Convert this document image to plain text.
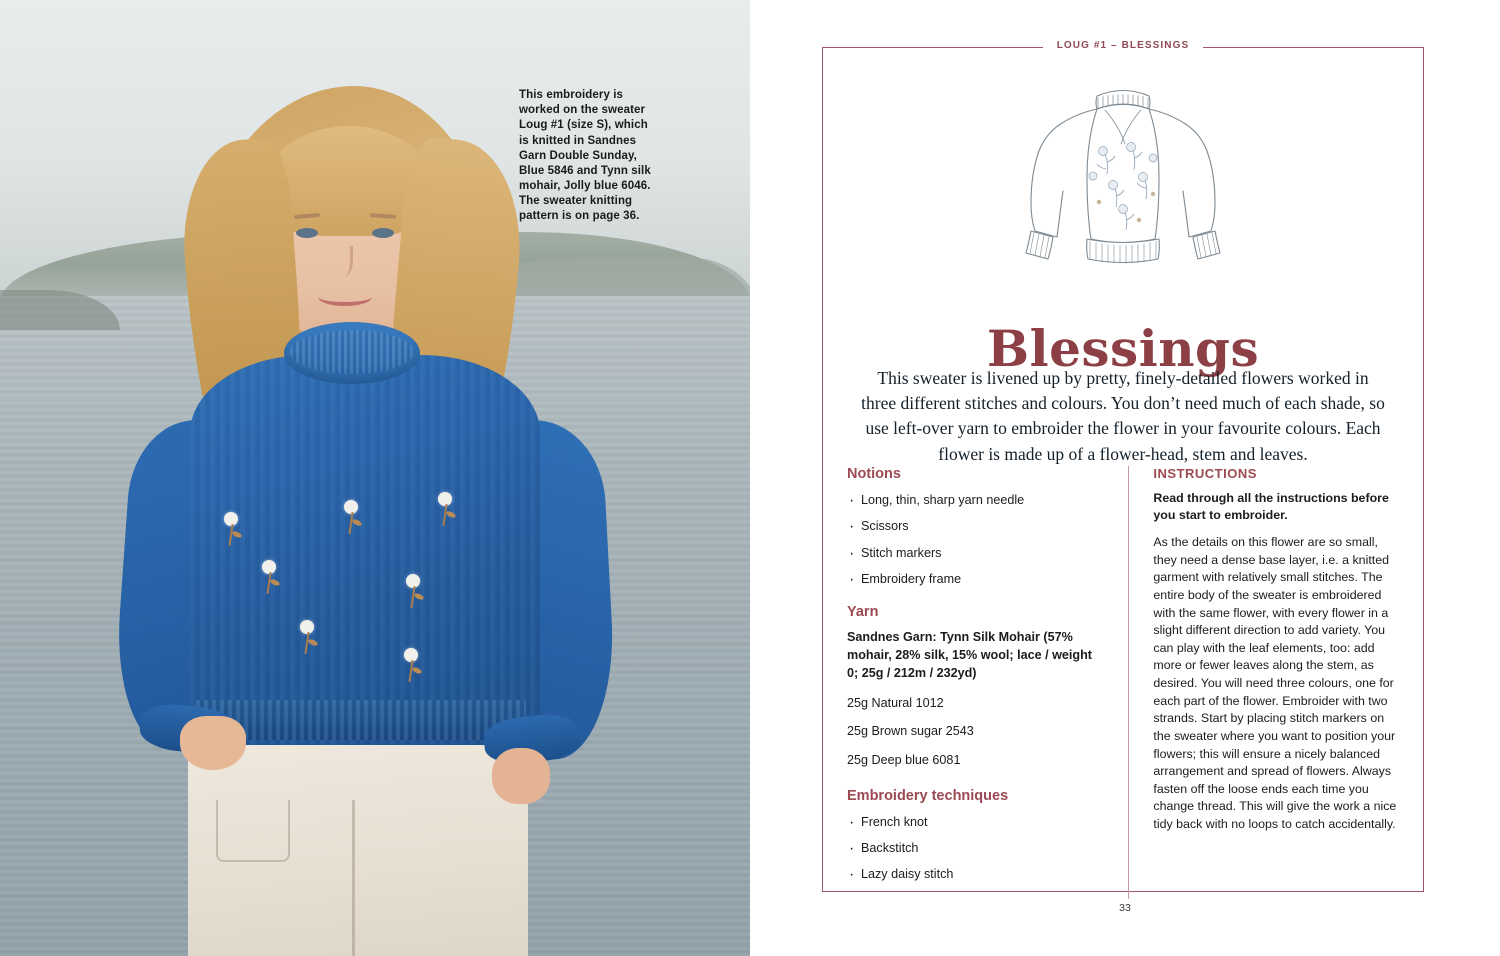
This embroidery is worked on the sweater Loug #1 (size S), which is knitted in Sandnes Garn Double Sunday, Blue 5846 and Tynn silk mohair, Jolly blue 6046. The sweater knitting pattern is on page 36.
LOUG #1 – BLESSINGS
Blessings

This sweater is livened up by pretty, finely-detailed flowers worked in three different stitches and colours. You don’t need much of each shade, so use left-over yarn to embroider the flower in your favourite colours. Each flower is made up of a flower-head, stem and leaves.

Notions
· Long, thin, sharp yarn needle
· Scissors
· Stitch markers
· Embroidery frame
Yarn

Sandnes Garn: Tynn Silk Mohair (57% mohair, 28% silk, 15% wool; lace / weight 0; 25g / 212m / 232yd)

25g Natural 1012

25g Brown sugar 2543

25g Deep blue 6081

Embroidery techniques
· French knot
· Backstitch
· Lazy daisy stitch
INSTRUCTIONS

Read through all the instructions before you start to embroider.

As the details on this flower are so small, they need a dense base layer, i.e. a knitted garment with relatively small stitches. The entire body of the sweater is embroidered with the same flower, with every flower in a slight different direction to add variety. You can play with the leaf elements, too: add more or fewer leaves along the stem, as desired. You will need three colours, one for each part of the flower. Embroider with two strands. Start by placing stitch markers on the sweater where you want to position your flowers; this will ensure a nicely balanced arrangement and spread of flowers. Always fasten off the loose ends each time you change thread. This will give the work a nice tidy back with no loops to catch accidentally.

33
